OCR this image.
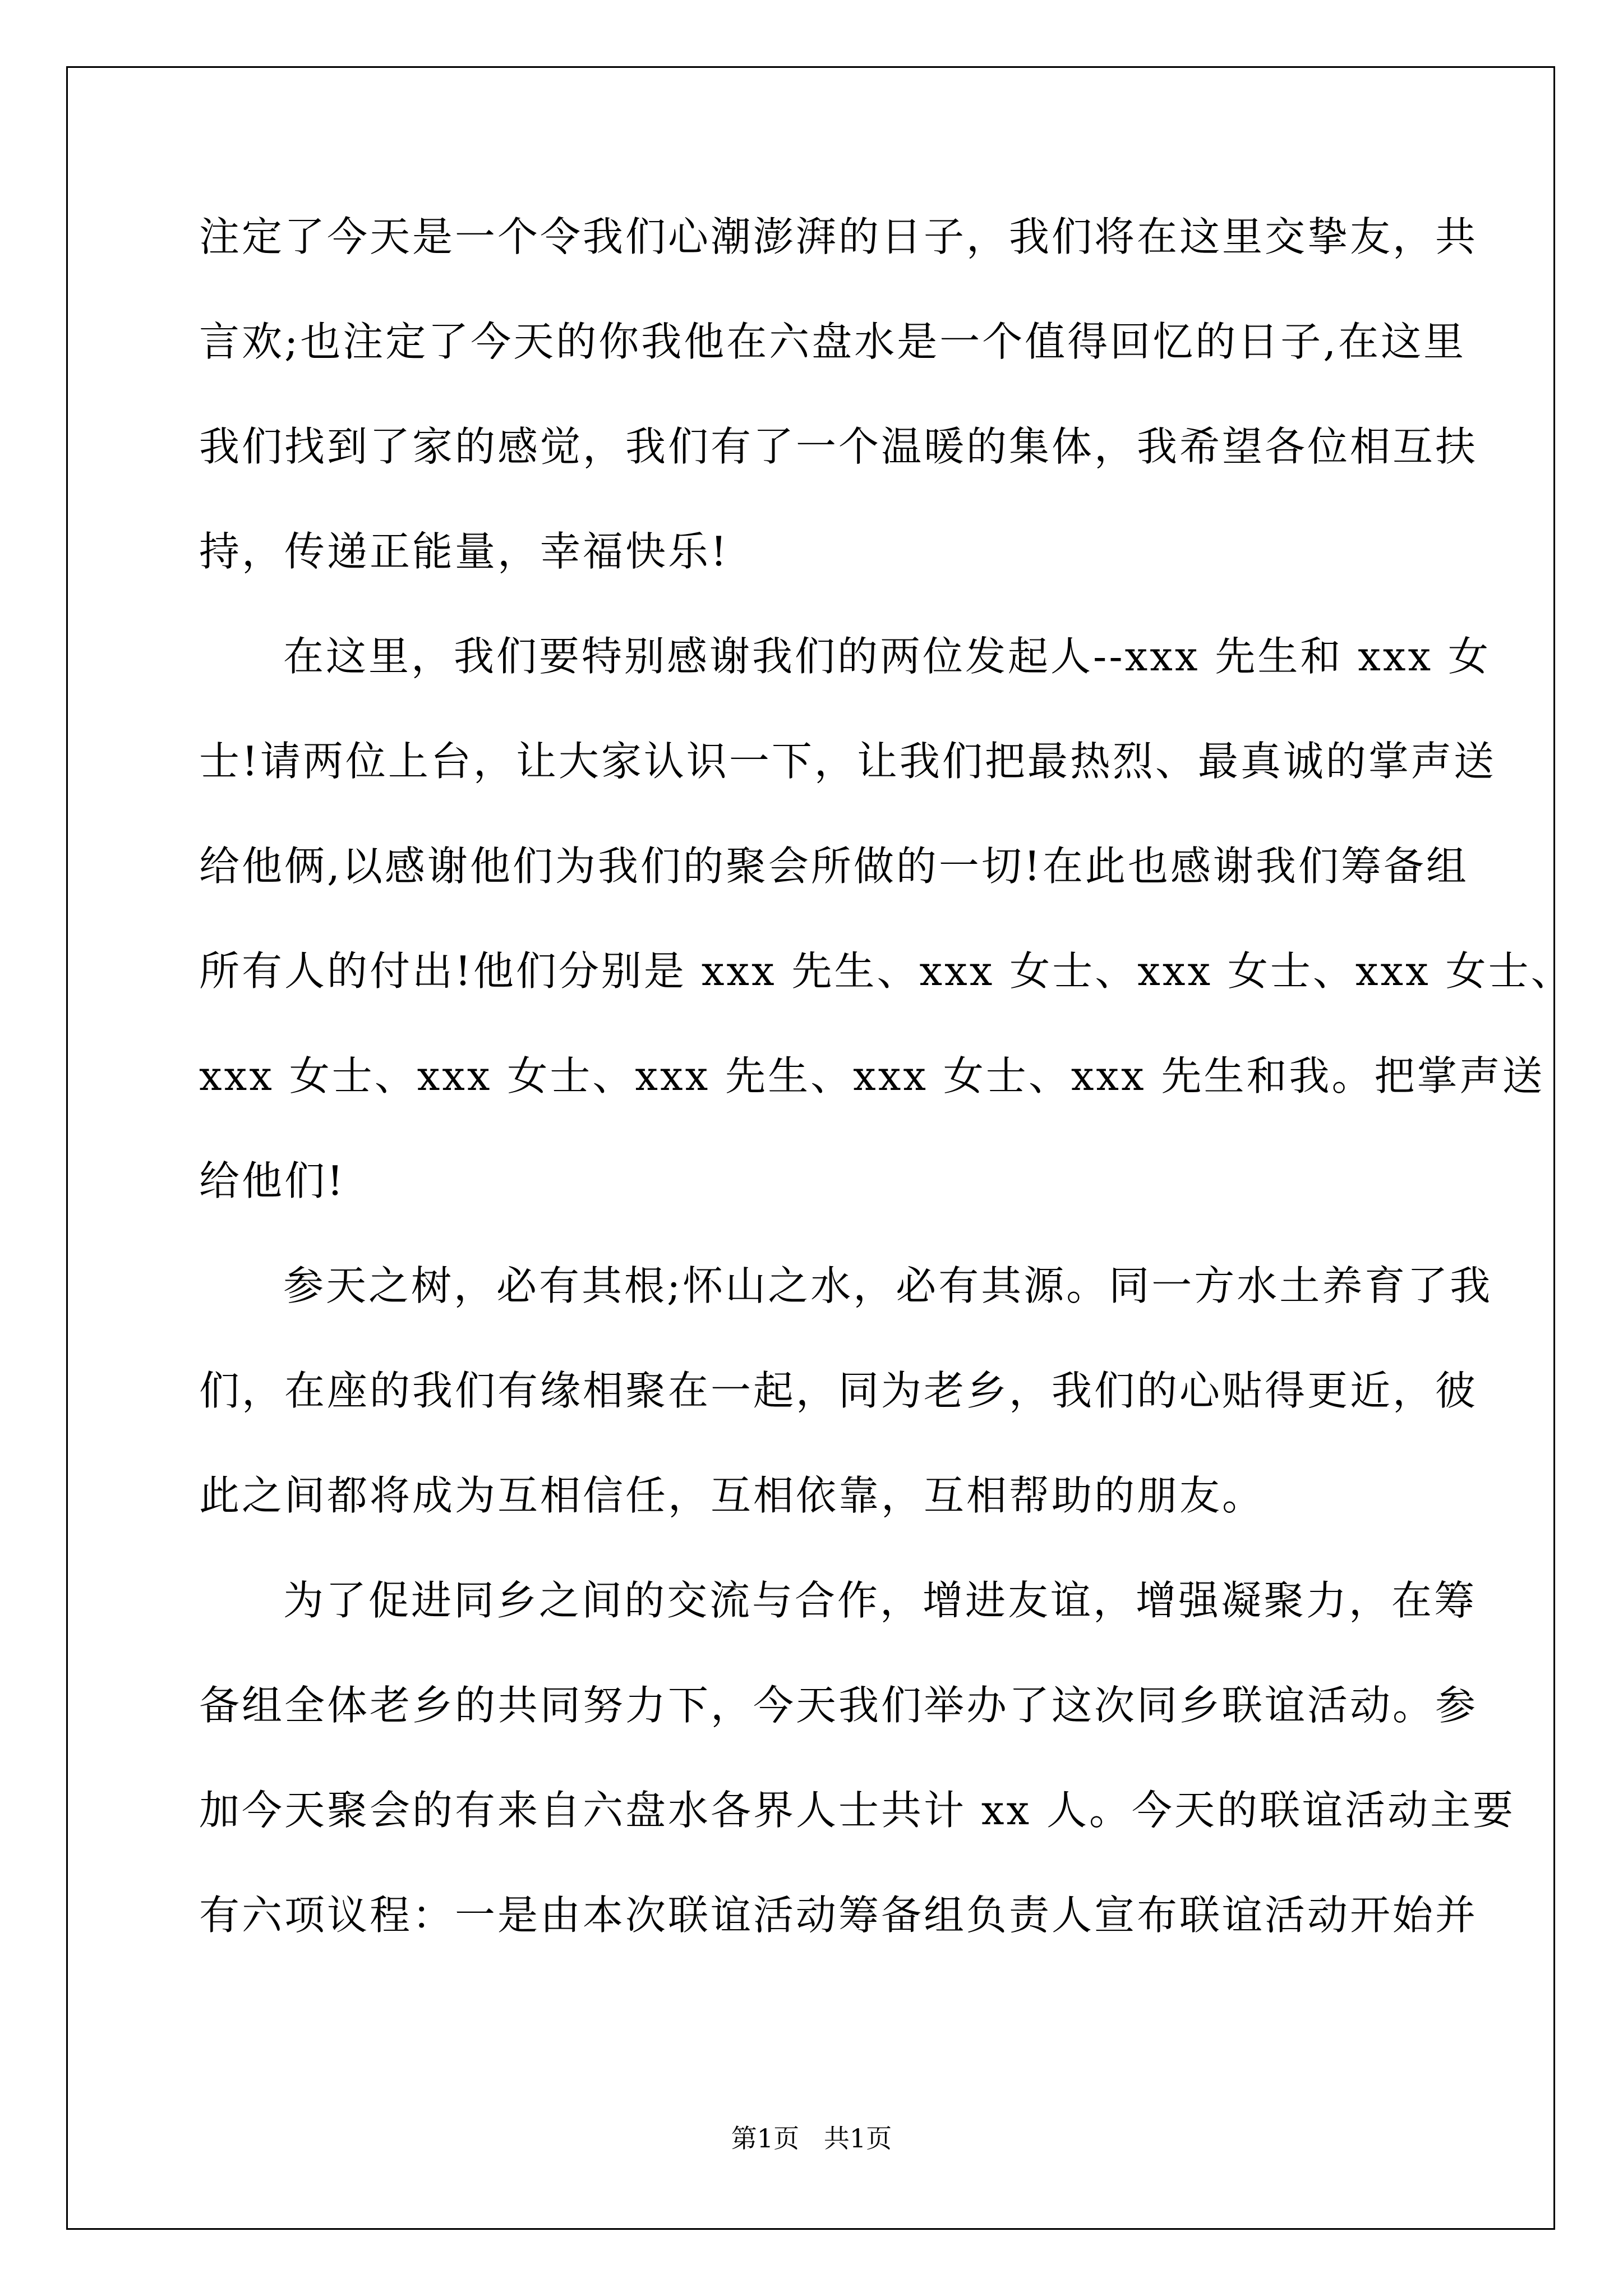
注定了今天是一个令我们心潮澎湃的日子，我们将在这里交挚友，共
言欢;也注定了今天的你我他在六盘水是一个值得回忆的日子,在这里
我们找到了家的感觉，我们有了一个温暖的集体，我希望各位相互扶
持，传递正能量，幸福快乐!
在这里，我们要特别感谢我们的两位发起人--xxx 先生和 xxx 女
士!请两位上台，让大家认识一下，让我们把最热烈、最真诚的掌声送
给他俩,以感谢他们为我们的聚会所做的一切!在此也感谢我们筹备组
所有人的付出!他们分别是 xxx 先生、xxx 女士、xxx 女士、xxx 女士、
xxx 女士、xxx 女士、xxx 先生、xxx 女士、xxx 先生和我。把掌声送
给他们!
参天之树，必有其根;怀山之水，必有其源。同一方水土养育了我
们，在座的我们有缘相聚在一起，同为老乡，我们的心贴得更近，彼
此之间都将成为互相信任，互相依靠，互相帮助的朋友。
为了促进同乡之间的交流与合作，增进友谊，增强凝聚力，在筹
备组全体老乡的共同努力下，今天我们举办了这次同乡联谊活动。参
加今天聚会的有来自六盘水各界人士共计 xx 人。今天的联谊活动主要
有六项议程：一是由本次联谊活动筹备组负责人宣布联谊活动开始并
第1页   共1页
